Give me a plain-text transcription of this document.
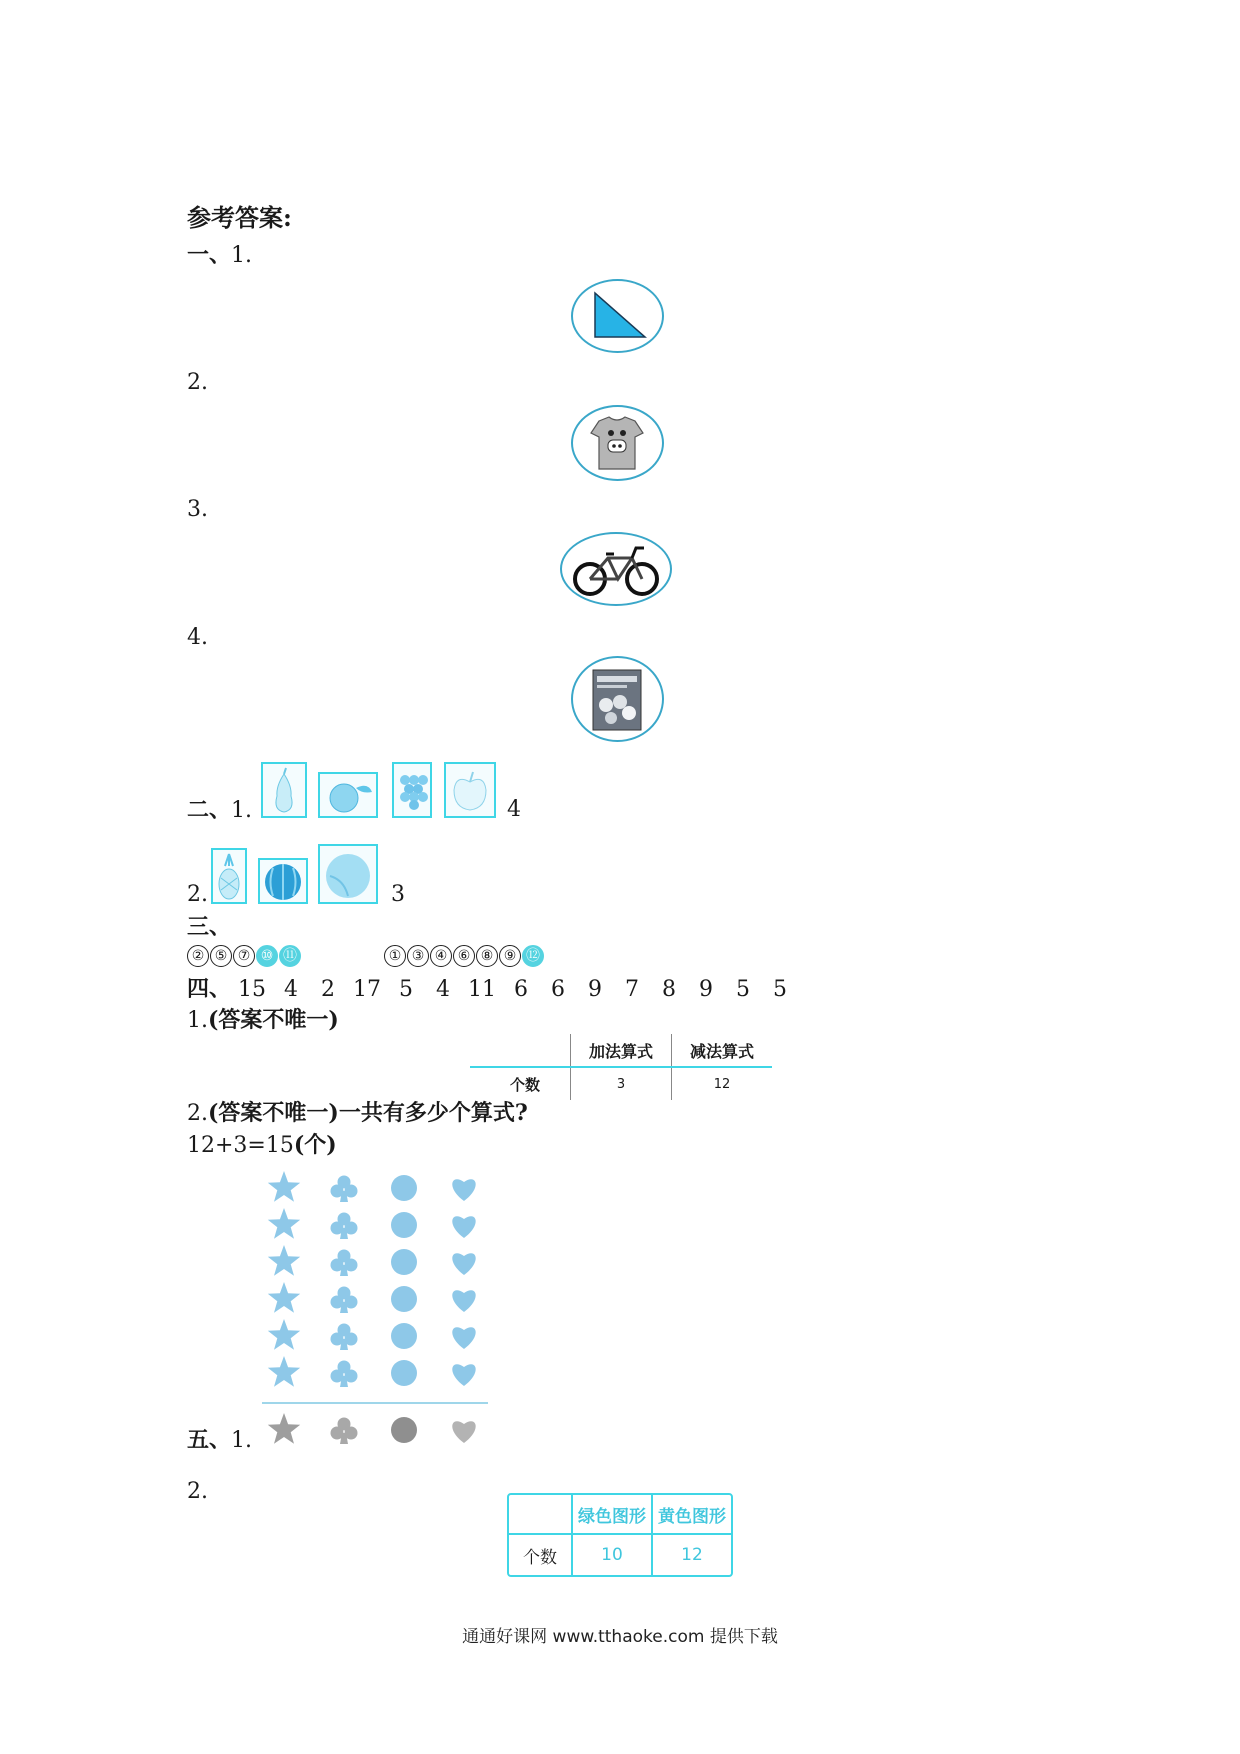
参考答案:
一、1.
2.
3.
4.
二、1.	4
2.	3
三、
② ⑤ ⑦ ⑩ ⑪	① ③ ④ ⑥ ⑧ ⑨ ⑫
四、 15 4 2 17 5 4 11 6 6 9 7 8 9 5 5
1.(答案不唯一)
	加法算式	减法算式
个数	3	12
2.(答案不唯一)一共有多少个算式?
12+3=15(个)
五、1.
2.
	绿色图形	黄色图形
个数	10	12
通通好课网 www.tthaoke.com 提供下载
